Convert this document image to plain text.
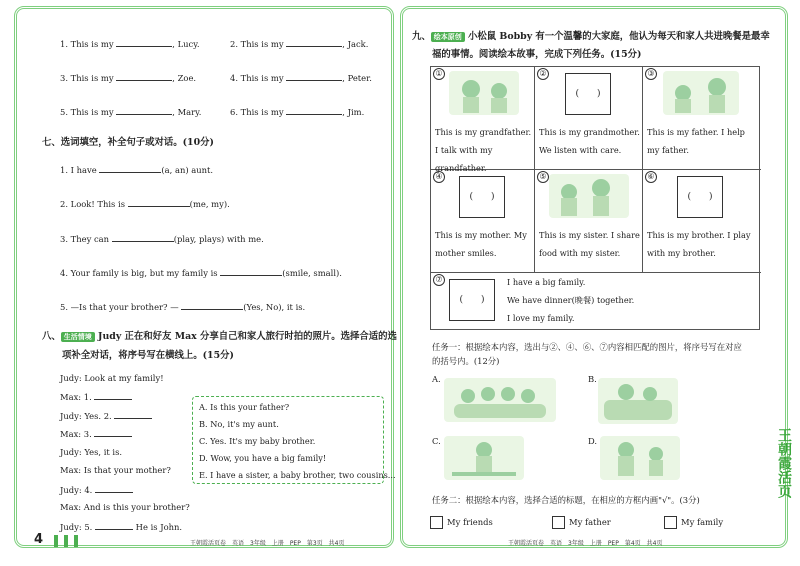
1. This is my	, Lucy.	2. This is my	, Jack.
3. This is my	, Zoe.	4. This is my	, Peter.
5. This is my	, Mary.	6. This is my	, Jim.
七、选词填空，补全句子或对话。(10分)
1. I have	(a, an) aunt.
2. Look! This is	(me, my).
3. They can	(play, plays) with me.
4. Your family is big, but my family is	(smile, small).
5. —Is that your brother? —	(Yes, No), it is.
八、 生活情境 Judy 正在和好友 Max 分享自己和家人旅行时拍的照片。选择合适的选
项补全对话，将序号写在横线上。(15分)
Judy: Look at my family!
Max: 1.
Judy: Yes. 2.
Max: 3.
Judy: Yes, it is.
Max: Is that your mother?
Judy: 4.
Max: And is this your brother?
Judy: 5.	He is John.
A. Is this your father?
B. No, it's my aunt.
C. Yes. It's my baby brother.
D. Wow, you have a big family!
E. I have a sister, a baby brother, two cousins...
4	王朝霞活页卷　英语　3年级　上册　PEP　第3页　共4页
九、 绘本原创 小松鼠 Bobby 有一个温馨的大家庭，他认为每天和家人共进晚餐是最幸
福的事情。阅读绘本故事，完成下列任务。(15分)
①
This is my grandfather. I talk with my grandfather.
②
(　　)
This is my grandmother. We listen with care.
③
This is my father. I help my father.
④
(　　)
This is my mother. My mother smiles.
⑤
This is my sister. I share food with my sister.
⑥
(　　)
This is my brother. I play with my brother.
⑦
(　　)
I have a big family.
We have dinner(晚餐) together.
I love my family.
任务一：根据绘本内容，选出与②、④、⑥、⑦内容相匹配的图片，将序号写在对应
的括号内。(12分)
A.	B.
C.	D.
任务二：根据绘本内容，选择合适的标题，在相应的方框内画"√"。(3分)
My friends	My father	My family
王朝霞活页卷　英语　3年级　上册　PEP　第4页　共4页
王朝霞活页
